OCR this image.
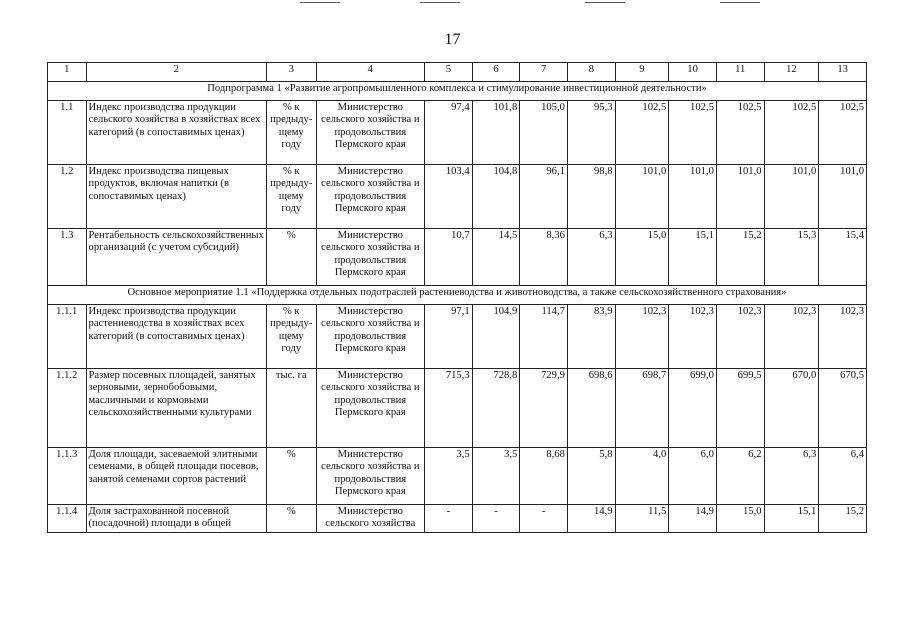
17
1	2	3	4	5	6	7	8	9	10	11	12	13
Подпрограмма 1 «Развитие агропромышленного комплекса и стимулирование инвестиционной деятельности»												
1.1	Индекс производства продукции сельского хозяйства в хозяйствах всех категорий (в сопоставимых ценах)	% к предыду-щему году	Министерство сельского хозяйства и продовольствия Пермского края	97,4	101,8	105,0	95,3	102,5	102,5	102,5	102,5	102,5
1.2	Индекс производства пищевых продуктов, включая напитки (в сопоставимых ценах)	% к предыду-щему году	Министерство сельского хозяйства и продовольствия Пермского края	103,4	104,8	96,1	98,8	101,0	101,0	101,0	101,0	101,0
1.3	Рентабельность сельскохозяйственных организаций (с учетом субсидий)	%	Министерство сельского хозяйства и продовольствия Пермского края	10,7	14,5	8,36	6,3	15,0	15,1	15,2	15,3	15,4
Основное мероприятие 1.1 «Поддержка отдельных подотраслей растениеводства и животноводства, а также сельскохозяйственного страхования»												
1.1.1	Индекс производства продукции растениеводства в хозяйствах всех категорий (в сопоставимых ценах)	% к предыду-щему году	Министерство сельского хозяйства и продовольствия Пермского края	97,1	104,9	114,7	83,9	102,3	102,3	102,3	102,3	102,3
1.1.2	Размер посевных площадей, занятых зерновыми, зернобобовыми, масличными и кормовыми сельскохозяйственными культурами	тыс. га	Министерство сельского хозяйства и продовольствия Пермского края	715,3	728,8	729,9	698,6	698,7	699,0	699,5	670,0	670,5
1.1.3	Доля площади, засеваемой элитными семенами, в общей площади посевов, занятой семенами сортов растений	%	Министерство сельского хозяйства и продовольствия Пермского края	3,5	3,5	8,68	5,8	4,0	6,0	6,2	6,3	6,4
1.1.4	Доля застрахованной посевной (посадочной) площади в общей	%	Министерство сельского хозяйства	-	-	-	14,9	11,5	14,9	15,0	15,1	15,2
